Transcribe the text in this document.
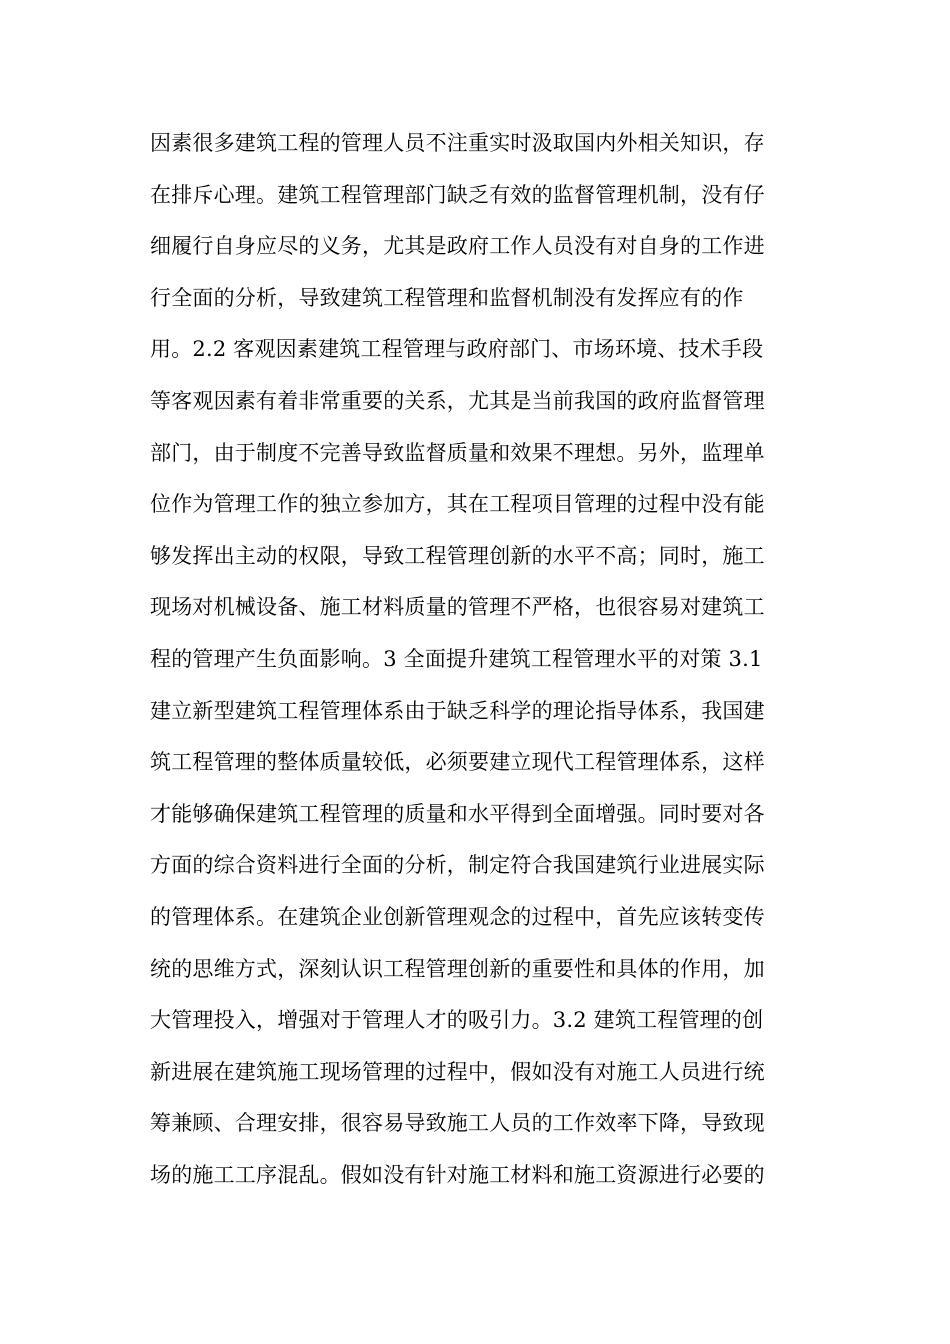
因素很多建筑工程的管理人员不注重实时汲取国内外相关知识，存
在排斥心理。建筑工程管理部门缺乏有效的监督管理机制，没有仔
细履行自身应尽的义务，尤其是政府工作人员没有对自身的工作进
行全面的分析，导致建筑工程管理和监督机制没有发挥应有的作
用。2.2 客观因素建筑工程管理与政府部门、市场环境、技术手段
等客观因素有着非常重要的关系，尤其是当前我国的政府监督管理
部门，由于制度不完善导致监督质量和效果不理想。另外，监理单
位作为管理工作的独立参加方，其在工程项目管理的过程中没有能
够发挥出主动的权限，导致工程管理创新的水平不高；同时，施工
现场对机械设备、施工材料质量的管理不严格，也很容易对建筑工
程的管理产生负面影响。3 全面提升建筑工程管理水平的对策 3.1
建立新型建筑工程管理体系由于缺乏科学的理论指导体系，我国建
筑工程管理的整体质量较低，必须要建立现代工程管理体系，这样
才能够确保建筑工程管理的质量和水平得到全面增强。同时要对各
方面的综合资料进行全面的分析，制定符合我国建筑行业进展实际
的管理体系。在建筑企业创新管理观念的过程中，首先应该转变传
统的思维方式，深刻认识工程管理创新的重要性和具体的作用，加
大管理投入，增强对于管理人才的吸引力。3.2 建筑工程管理的创
新进展在建筑施工现场管理的过程中，假如没有对施工人员进行统
筹兼顾、合理安排，很容易导致施工人员的工作效率下降，导致现
场的施工工序混乱。假如没有针对施工材料和施工资源进行必要的
